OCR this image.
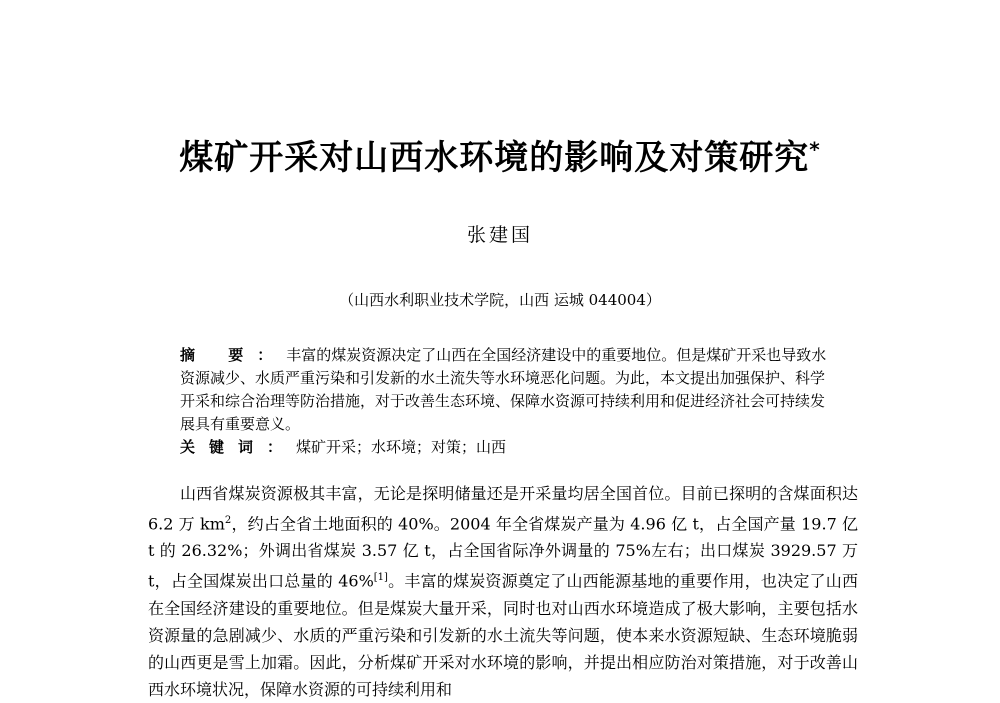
煤矿开采对山西水环境的影响及对策研究*
张建国
（山西水利职业技术学院，山西 运城 044004）
摘 要：丰富的煤炭资源决定了山西在全国经济建设中的重要地位。但是煤矿开采也导致水资源减少、水质严重污染和引发新的水土流失等水环境恶化问题。为此，本文提出加强保护、科学开采和综合治理等防治措施，对于改善生态环境、保障水资源可持续利用和促进经济社会可持续发展具有重要意义。
关键词：煤矿开采；水环境；对策；山西

山西省煤炭资源极其丰富，无论是探明储量还是开采量均居全国首位。目前已探明的含煤面积达 6.2 万 $km^2$，约占全省土地面积的 40%。2004 年全省煤炭产量为 4.96 亿 t，占全国产量 19.7 亿 t 的 26.32%；外调出省煤炭 3.57 亿 t，占全国省际净外调量的 75%左右；出口煤炭 3929.57 万 t，占全国煤炭出口总量的 46%[1]。丰富的煤炭资源奠定了山西能源基地的重要作用，也决定了山西在全国经济建设的重要地位。但是煤炭大量开采，同时也对山西水环境造成了极大影响，主要包括水资源量的急剧减少、水质的严重污染和引发新的水土流失等问题，使本来水资源短缺、生态环境脆弱的山西更是雪上加霜。因此，分析煤矿开采对水环境的影响，并提出相应防治对策措施，对于改善山西水环境状况，保障水资源的可持续利用和
